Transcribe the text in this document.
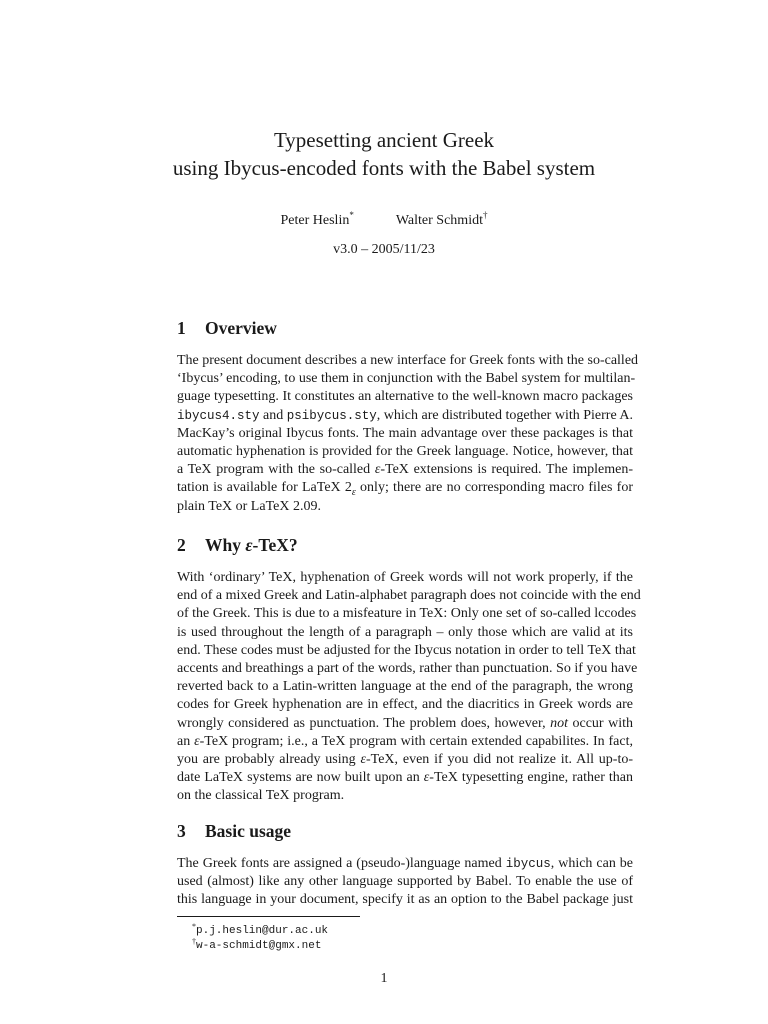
Typesetting ancient Greek
using Ibycus-encoded fonts with the Babel system
Peter Heslin*	Walter Schmidt†
v3.0 – 2005/11/23
1 Overview
The present document describes a new interface for Greek fonts with the so-called
‘Ibycus’ encoding, to use them in conjunction with the Babel system for multilan-
guage typesetting. It constitutes an alternative to the well-known macro packages
ibycus4.sty and psibycus.sty, which are distributed together with Pierre A.
MacKay’s original Ibycus fonts. The main advantage over these packages is that
automatic hyphenation is provided for the Greek language. Notice, however, that
a TeX program with the so-called ε-TeX extensions is required. The implemen-
tation is available for LaTeX $2_\varepsilon$ only; there are no corresponding macro files for
plain TeX or LaTeX 2.09.
2 Why ε-TeX?
With ‘ordinary’ TeX, hyphenation of Greek words will not work properly, if the
end of a mixed Greek and Latin-alphabet paragraph does not coincide with the end
of the Greek. This is due to a misfeature in TeX: Only one set of so-called lccodes
is used throughout the length of a paragraph – only those which are valid at its
end. These codes must be adjusted for the Ibycus notation in order to tell TeX that
accents and breathings a part of the words, rather than punctuation. So if you have
reverted back to a Latin-written language at the end of the paragraph, the wrong
codes for Greek hyphenation are in effect, and the diacritics in Greek words are
wrongly considered as punctuation. The problem does, however, not occur with
an ε-TeX program; i.e., a TeX program with certain extended capabilites. In fact,
you are probably already using ε-TeX, even if you did not realize it. All up-to-
date LaTeX systems are now built upon an ε-TeX typesetting engine, rather than
on the classical TeX program.
3 Basic usage
The Greek fonts are assigned a (pseudo-)language named ibycus, which can be
used (almost) like any other language supported by Babel. To enable the use of
this language in your document, specify it as an option to the Babel package just
*p.j.heslin@dur.ac.uk
†w-a-schmidt@gmx.net
1
